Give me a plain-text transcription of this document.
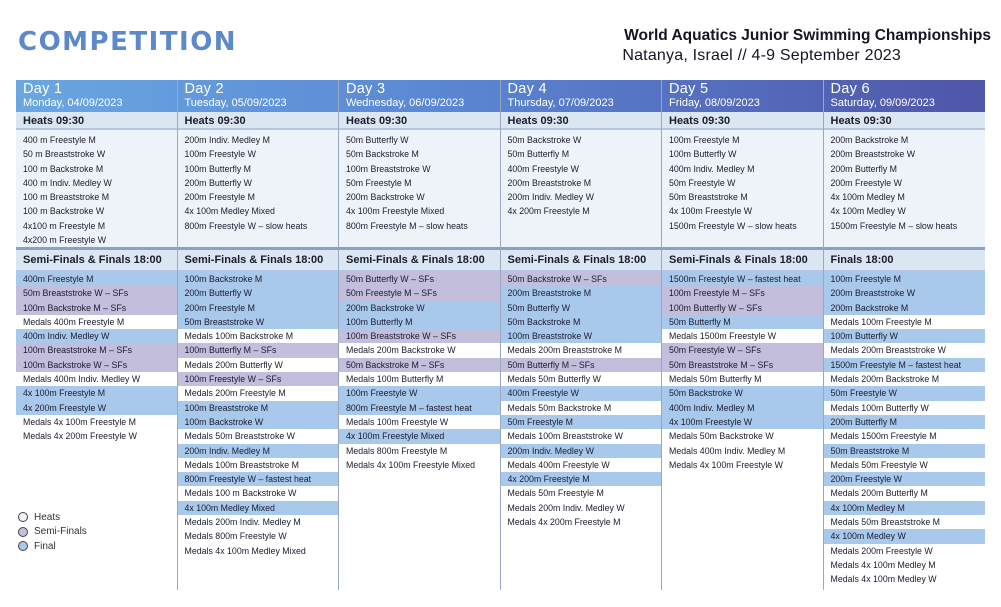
COMPETITION	World Aquatics Junior Swimming Championships
Natanya, Israel // 4-9 September 2023
Day 1
Monday, 04/09/2023
Heats 09:30
400 m Freestyle M
50 m Breaststroke W
100 m Backstroke M
400 m Indiv. Medley W
100 m Breaststroke M
100 m Backstroke W
4x100 m Freestyle M
4x200 m Freestyle W
Semi-Finals & Finals 18:00
400m Freestyle M
50m Breaststroke W – SFs
100m Backstroke M – SFs
Medals 400m Freestyle M
400m Indiv. Medley W
100m Breaststroke M – SFs
100m Backstroke W – SFs
Medals 400m Indiv. Medley W
4x 100m Freestyle M
4x 200m Freestyle W
Medals 4x 100m Freestyle M
Medals 4x 200m Freestyle W
Day 2
Tuesday, 05/09/2023
Heats 09:30
200m Indiv. Medley M
100m Freestyle W
100m Butterfly M
200m Butterfly W
200m Freestyle M
4x 100m Medley Mixed
800m Freestyle W – slow heats
Semi-Finals & Finals 18:00
100m Backstroke M
200m Butterfly W
200m Freestyle M
50m Breaststroke W
Medals 100m Backstroke M
100m Butterfly M – SFs
Medals 200m Butterfly W
100m Freestyle W – SFs
Medals 200m Freestyle M
100m Breaststroke M
100m Backstroke W
Medals 50m Breaststroke W
200m Indiv. Medley M
Medals 100m Breaststroke M
800m Freestyle W – fastest heat
Medals 100 m Backstroke W
4x 100m Medley Mixed
Medals 200m Indiv. Medley M
Medals 800m Freestyle W
Medals 4x 100m Medley Mixed
Day 3
Wednesday, 06/09/2023
Heats 09:30
50m Butterfly W
50m Backstroke M
100m Breaststroke W
50m Freestyle M
200m Backstroke W
4x 100m Freestyle Mixed
800m Freestyle M – slow heats
Semi-Finals & Finals 18:00
50m Butterfly W – SFs
50m Freestyle M – SFs
200m Backstroke W
100m Butterfly M
100m Breaststroke W – SFs
Medals 200m Backstroke W
50m Backstroke M – SFs
Medals 100m Butterfly M
100m Freestyle W
800m Freestyle M – fastest heat
Medals 100m Freestyle W
4x 100m Freestyle Mixed
Medals 800m Freestyle M
Medals 4x 100m Freestyle Mixed
Day 4
Thursday, 07/09/2023
Heats 09:30
50m Backstroke W
50m Butterfly M
400m Freestyle W
200m Breaststroke M
200m Indiv. Medley W
4x 200m Freestyle M
Semi-Finals & Finals 18:00
50m Backstroke W – SFs
200m Breaststroke M
50m Butterfly W
50m Backstroke M
100m Breaststroke W
Medals 200m Breaststroke M
50m Butterfly M – SFs
Medals 50m Butterfly W
400m Freestyle W
Medals 50m Backstroke M
50m Freestyle M
Medals 100m Breaststroke W
200m Indiv. Medley W
Medals 400m Freestyle W
4x 200m Freestyle M
Medals 50m Freestyle M
Medals 200m Indiv. Medley W
Medals 4x 200m Freestyle M
Day 5
Friday, 08/09/2023
Heats 09:30
100m Freestyle M
100m Butterfly W
400m Indiv. Medley M
50m Freestyle W
50m Breaststroke M
4x 100m Freestyle W
1500m Freestyle W – slow heats
Semi-Finals & Finals 18:00
1500m Freestyle W – fastest heat
100m Freestyle M – SFs
100m Butterfly W – SFs
50m Butterfly M
Medals 1500m Freestyle W
50m Freestyle W – SFs
50m Breaststroke M – SFs
Medals 50m Butterfly M
50m Backstroke W
400m Indiv. Medley M
4x 100m Freestyle W
Medals 50m Backstroke W
Medals 400m Indiv. Medley M
Medals 4x 100m Freestyle W
Day 6
Saturday, 09/09/2023
Heats 09:30
200m Backstroke M
200m Breaststroke W
200m Butterfly M
200m Freestyle W
4x 100m Medley M
4x 100m Medley W
1500m Freestyle M – slow heats
Finals 18:00
100m Freestyle M
200m Breaststroke W
200m Backstroke M
Medals 100m Freestyle M
100m Butterfly W
Medals 200m Breaststroke W
1500m Freestyle M – fastest heat
Medals 200m Backstroke M
50m Freestyle W
Medals 100m Butterfly W
200m Butterfly M
Medals 1500m Freestyle M
50m Breaststroke M
Medals 50m Freestyle W
200m Freestyle W
Medals 200m Butterfly M
4x 100m Medley M
Medals 50m Breaststroke M
4x 100m Medley W
Medals 200m Freestyle W
Medals 4x 100m Medley M
Medals 4x 100m Medley W
Heats
Semi-Finals
Final
